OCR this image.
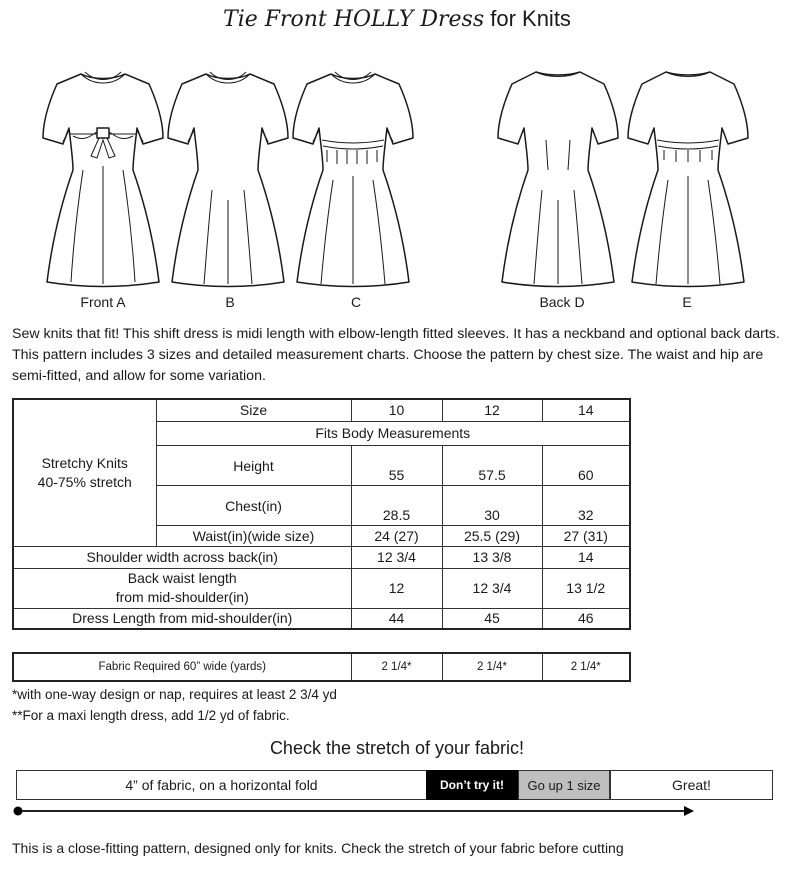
Tie Front HOLLY Dress for Knits
Front A	B	C	Back D	E
Sew knits that fit! This shift dress is midi length with elbow-length fitted sleeves. It has a neckband and optional back darts. This pattern includes 3 sizes and detailed measurement charts. Choose the pattern by chest size. The waist and hip are semi-fitted, and allow for some variation.
Stretchy Knits
40-75% stretch	Size	10	12	14
	Fits Body Measurements			
	Height	55	57.5	60
	Chest(in)	28.5	30	32
	Waist(in)(wide size)	24 (27)	25.5 (29)	27 (31)
Shoulder width across back(in)		12 3/4	13 3/8	14

Back waist length
from mid-shoulder(in)		12	12 3/4	13 1/2
Dress Length from mid-shoulder(in)		44	45	46
Fabric Required 60” wide (yards)	2 1/4*	2 1/4*	2 1/4*
*with one-way design or nap, requires at least 2 3/4 yd
**For a maxi length dress, add 1/2 yd of fabric.
Check the stretch of your fabric!
4” of fabric, on a horizontal fold	Don’t try it!	Go up 1 size	Great!
This is a close-fitting pattern, designed only for knits. Check the stretch of your fabric before cutting
